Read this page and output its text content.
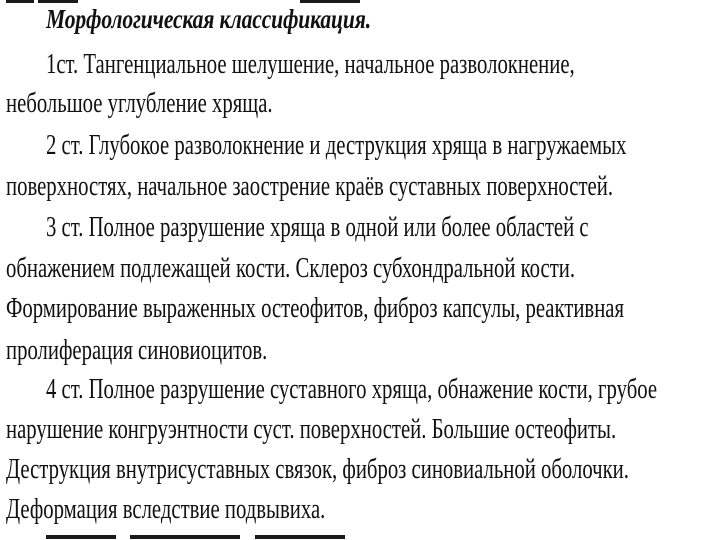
Морфологическая классификация.
1ст. Тангенциальное шелушение, начальное разволокнение,
небольшое углубление хряща.
2 ст. Глубокое разволокнение и деструкция хряща в нагружаемых
поверхностях, начальное заострение краёв суставных поверхностей.
3 ст. Полное разрушение хряща в одной или более областей с
обнажением подлежащей кости. Склероз субхондральной кости.
Формирование выраженных остеофитов, фиброз капсулы, реактивная
пролиферация синовиоцитов.
4 ст. Полное разрушение суставного хряща, обнажение кости, грубое
нарушение конгруэнтности суст. поверхностей. Большие остеофиты.
Деструкция внутрисуставных связок, фиброз синовиальной оболочки.
Деформация вследствие подвывиха.
